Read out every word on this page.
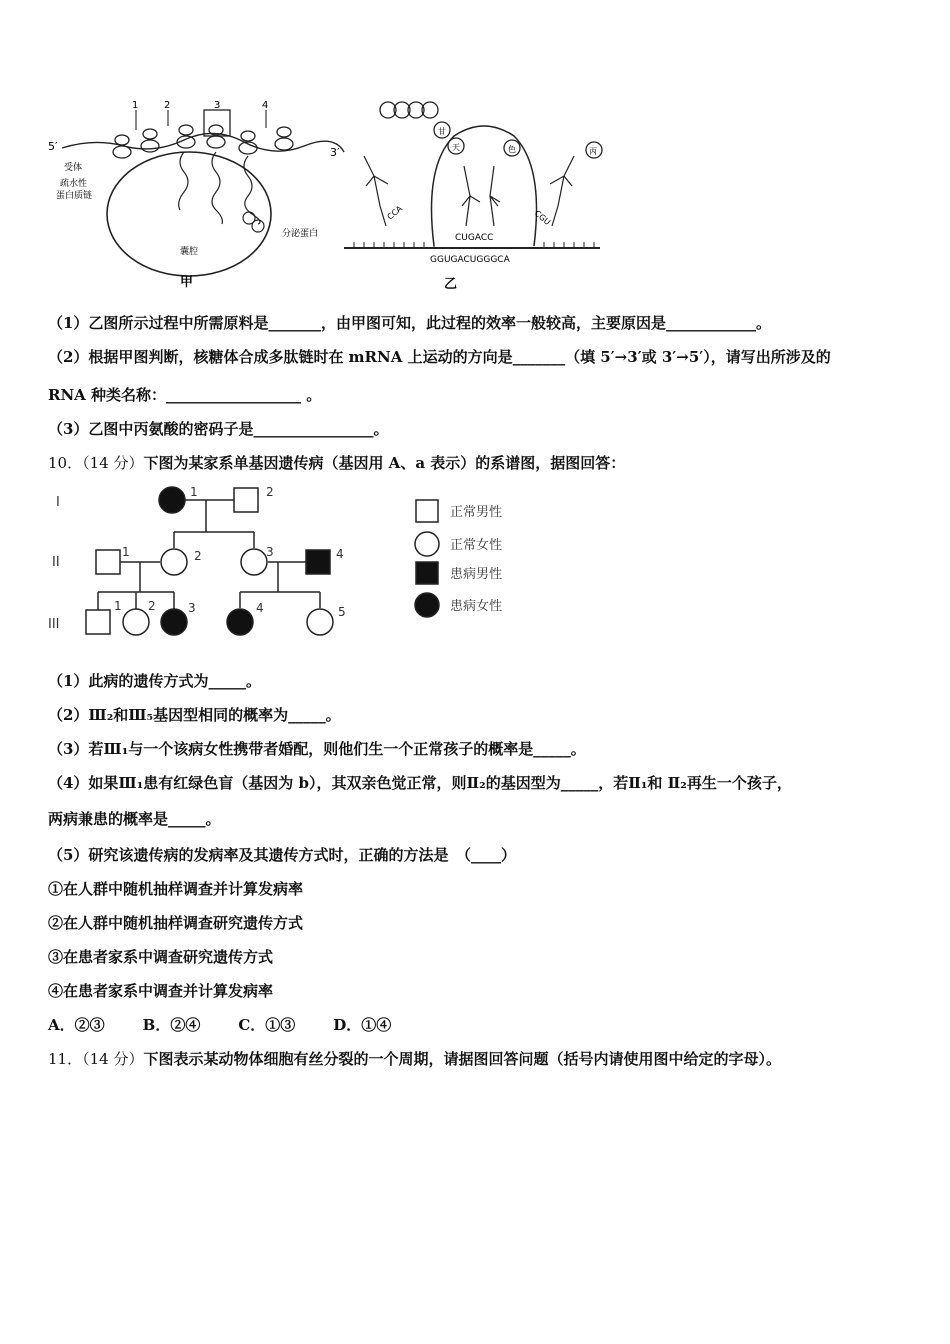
5′	3′
1	2	3	4
受体
疏水性
蛋白质链
囊腔
分泌蛋白
甲
甘
天	色	丙
CCA
CUGACC
CGU
GGUGACUGGGCA
乙
（1）乙图所示过程中所需原料是_______，由甲图可知，此过程的效率一般较高，主要原因是____________。
（2）根据甲图判断，核糖体合成多肽链时在 mRNA 上运动的方向是_______（填 5′→3′或 3′→5′），请写出所涉及的
RNA 种类名称：__________________ 。
（3）乙图中丙氨酸的密码子是________________。
10．（14 分）下图为某家系单基因遗传病（基因用 A、a 表示）的系谱图，据图回答：
I
II
III
1	2
1	2	3	4
1 2	3	4	5
正常男性
正常女性
患病男性
患病女性
（1）此病的遗传方式为_____。
（2）Ⅲ₂和Ⅲ₅基因型相同的概率为_____。
（3）若Ⅲ₁与一个该病女性携带者婚配，则他们生一个正常孩子的概率是_____。
（4）如果Ⅲ₁患有红绿色盲（基因为 b），其双亲色觉正常，则Ⅱ₂的基因型为_____，若Ⅱ₁和 Ⅱ₂再生一个孩子，
两病兼患的概率是_____。
（5）研究该遗传病的发病率及其遗传方式时，正确的方法是　（____）
①在人群中随机抽样调查并计算发病率
②在人群中随机抽样调查研究遗传方式
③在患者家系中调查研究遗传方式
④在患者家系中调查并计算发病率
A．②③	B．②④	C．①③	D．①④
11．（14 分）下图表示某动物体细胞有丝分裂的一个周期，请据图回答问题（括号内请使用图中给定的字母）。
